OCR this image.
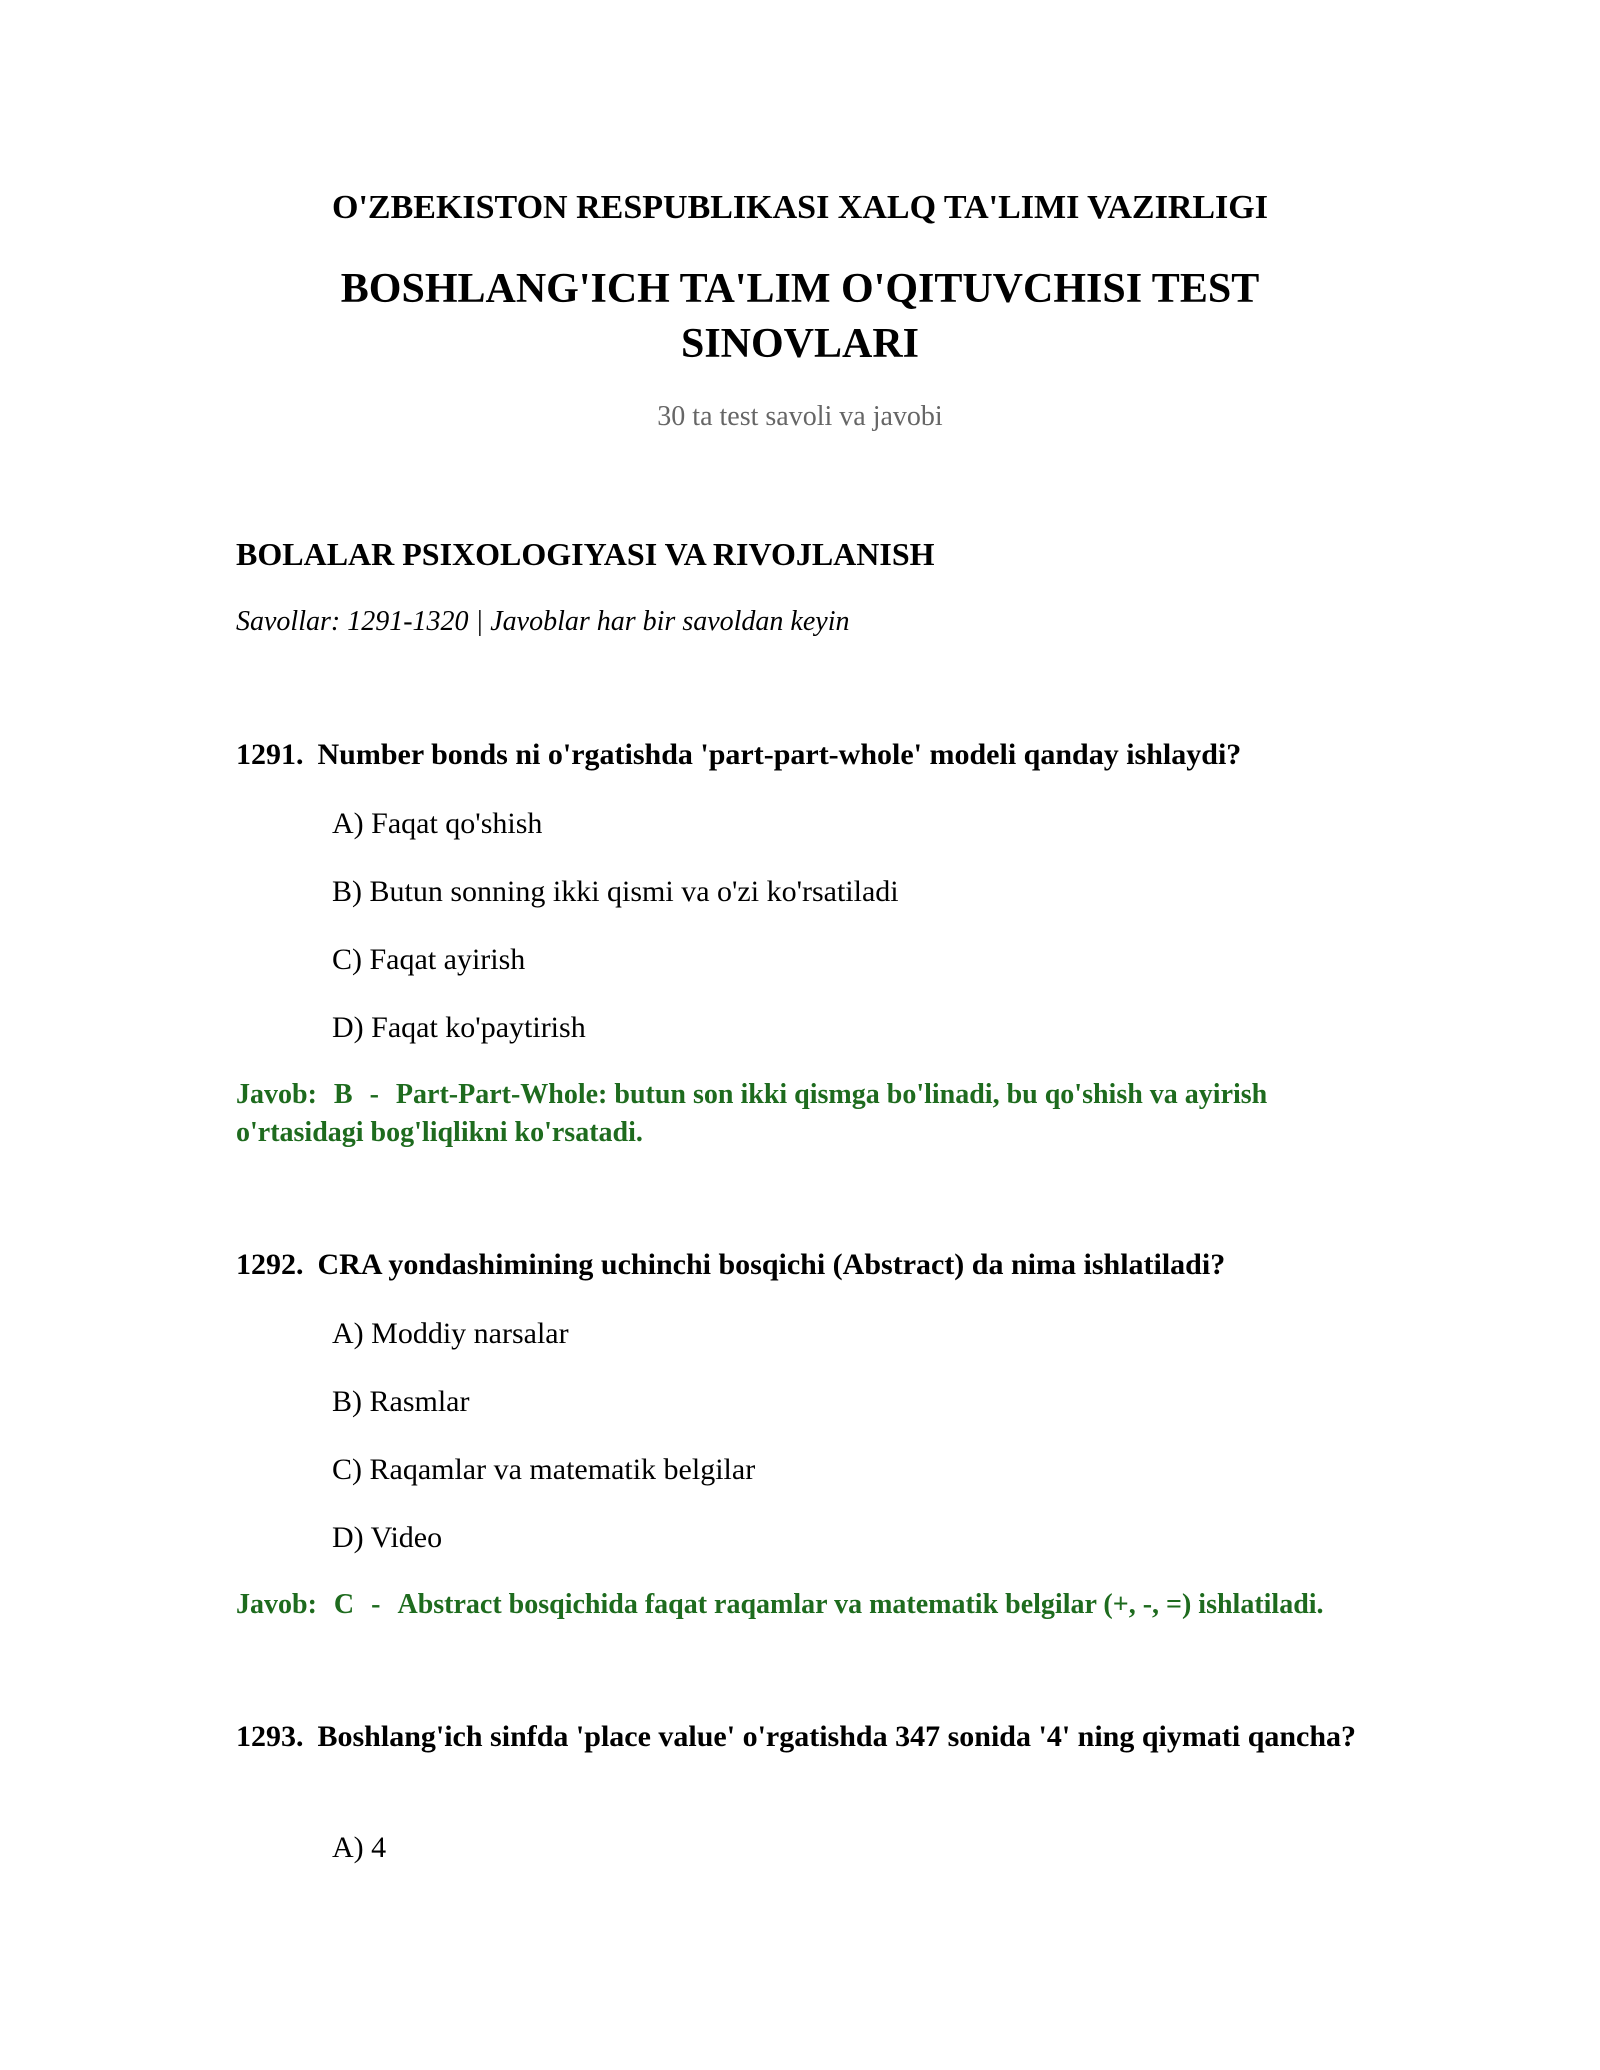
O'ZBEKISTON RESPUBLIKASI XALQ TA'LIMI VAZIRLIGI
BOSHLANG'ICH TA'LIM O'QITUVCHISI TEST SINOVLARI
30 ta test savoli va javobi
BOLALAR PSIXOLOGIYASI VA RIVOJLANISH
Savollar: 1291-1320 | Javoblar har bir savoldan keyin
1291. Number bonds ni o'rgatishda 'part-part-whole' modeli qanday ishlaydi?
A) Faqat qo'shish
B) Butun sonning ikki qismi va o'zi ko'rsatiladi
C) Faqat ayirish
D) Faqat ko'paytirish
Javob: B - Part-Part-Whole: butun son ikki qismga bo'linadi, bu qo'shish va ayirish o'rtasidagi bog'liqlikni ko'rsatadi.
1292. CRA yondashimining uchinchi bosqichi (Abstract) da nima ishlatiladi?
A) Moddiy narsalar
B) Rasmlar
C) Raqamlar va matematik belgilar
D) Video
Javob: C - Abstract bosqichida faqat raqamlar va matematik belgilar (+, -, =) ishlatiladi.
1293. Boshlang'ich sinfda 'place value' o'rgatishda 347 sonida '4' ning qiymati qancha?
A) 4
